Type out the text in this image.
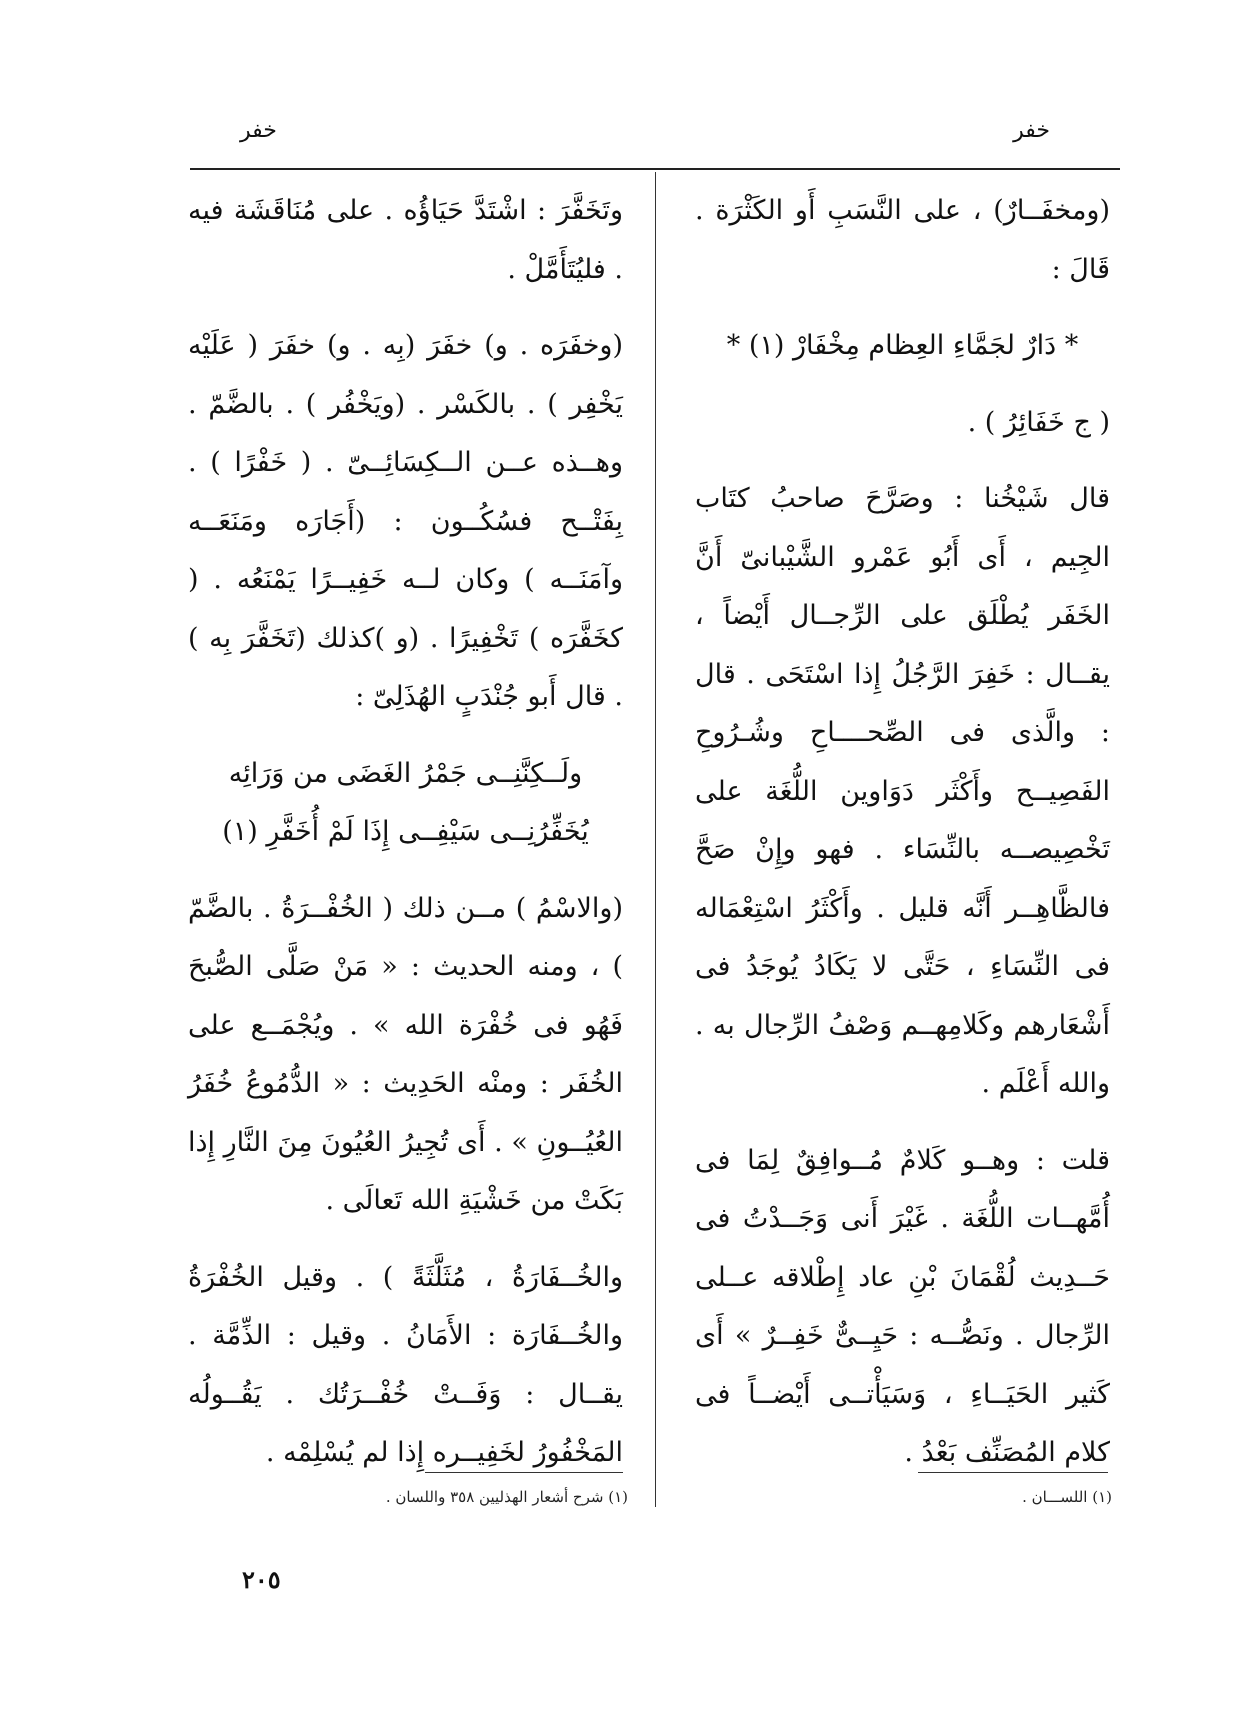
خفر
خفر

(ومخفَــارٌ) ، على النَّسَبِ أَو الكَثْرَة . قَالَ :

* دَارٌ لجَمَّاءِ العِظام مِخْفَارْ (١) *

( ج خَفَائِرُ ) .

قال شَيْخُنا : وصَرَّحَ صاحبُ كتَاب الجِيم ، أَى أَبُو عَمْرو الشَّيْبانىّ أَنَّ الخَفَر يُطْلَق على الرِّجــال أَيْضاً ، يقــال : خَفِرَ الرَّجُلُ إِذا اسْتَحَى . قال : والَّذى فى الصِّحــــاحِ وشُـرُوحِ الفَصِيــح وأَكْثَر دَوَاوين اللُّغَة على تَخْصِيصــه بالنِّسَاء . فهو وإِنْ صَحَّ فالظَّاهِــر أَنَّه قليل . وأَكْثَرُ اسْتِعْمَاله فى النِّسَاءِ ، حَتَّى لا يَكَادُ يُوجَدُ فى أَشْعَارهم وكَلامِهــم وَصْفُ الرِّجال به . والله أَعْلَم .

قلت : وهــو كَلامٌ مُــوافِقٌ لِمَا فى أُمَّهــات اللُّغَة . غَيْرَ أَنى وَجَــدْتُ فى حَــدِيث لُقْمَانَ بْنِ عاد إِطْلاقه عــلى الرِّجال . ونَصُّــه : حَيِــىٌّ خَفِــرٌ » أَى كَثير الحَيَــاءِ ، وَسَيَأْتــى أَيْضــاً فى كلام المُصَنِّف بَعْدُ .

وتَخَفَّرَ : اشْتَدَّ حَيَاؤُه . على مُنَاقَشَة فيه . فليُتَأَمَّلْ .

(وخفَرَه . و) خفَرَ (بِه . و) خفَرَ ( عَلَيْه يَخْفِر ) . بالكَسْر . (ويَخْفُر ) . بالضَّمّ . وهــذه عــن الــكِسَائِــىّ . ( خَفْرًا ) . بِفَتْــح فسُكُــون : (أَجَارَه ومَنَعَــه وآمَنَــه ) وكان لــه خَفِيــرًا يَمْنَعُه . ( كخَفَّرَه ) تَخْفِيرًا . (و )كذلك (تَخَفَّرَ بِه ) . قال أَبو جُنْدَبٍ الهُذَلِىّ :

ولَــكِنَّنِــى جَمْرُ الغَضَى من وَرَائِه
يُخَفِّرُنِــى سَيْفِــى إِذَا لَمْ أُخَفَّرِ (١)

(والاسْمُ ) مــن ذلك ( الخُفْــرَةُ . بالضَّمّ ) ، ومنه الحديث : « مَنْ صَلَّى الصُّبحَ فَهُو فى خُفْرَة الله » . ويُجْمَــع على الخُفَر : ومنْه الحَدِيث : « الدُّمُوعُ خُفَرُ العُيُــونِ » . أَى تُجِيرُ العُيُونَ مِنَ النَّارِ إِذا بَكَتْ من خَشْيَةِ الله تَعالَى .

والخُــفَارَةُ ، مُثَلَّثَةً ) . وقيل الخُفْرَةُ والخُــفَارَة : الأَمَانُ . وقيل : الذِّمَّة . يقــال : وَفَــتْ خُفْــرَتُك . يَقُــولُه المَخْفُورُ لخَفِيــره إِذا لم يُسْلِمْه .

(١) اللســـان .
(١) شرح أشعار الهذليين ٣٥٨ واللسان .
٢٠٥
